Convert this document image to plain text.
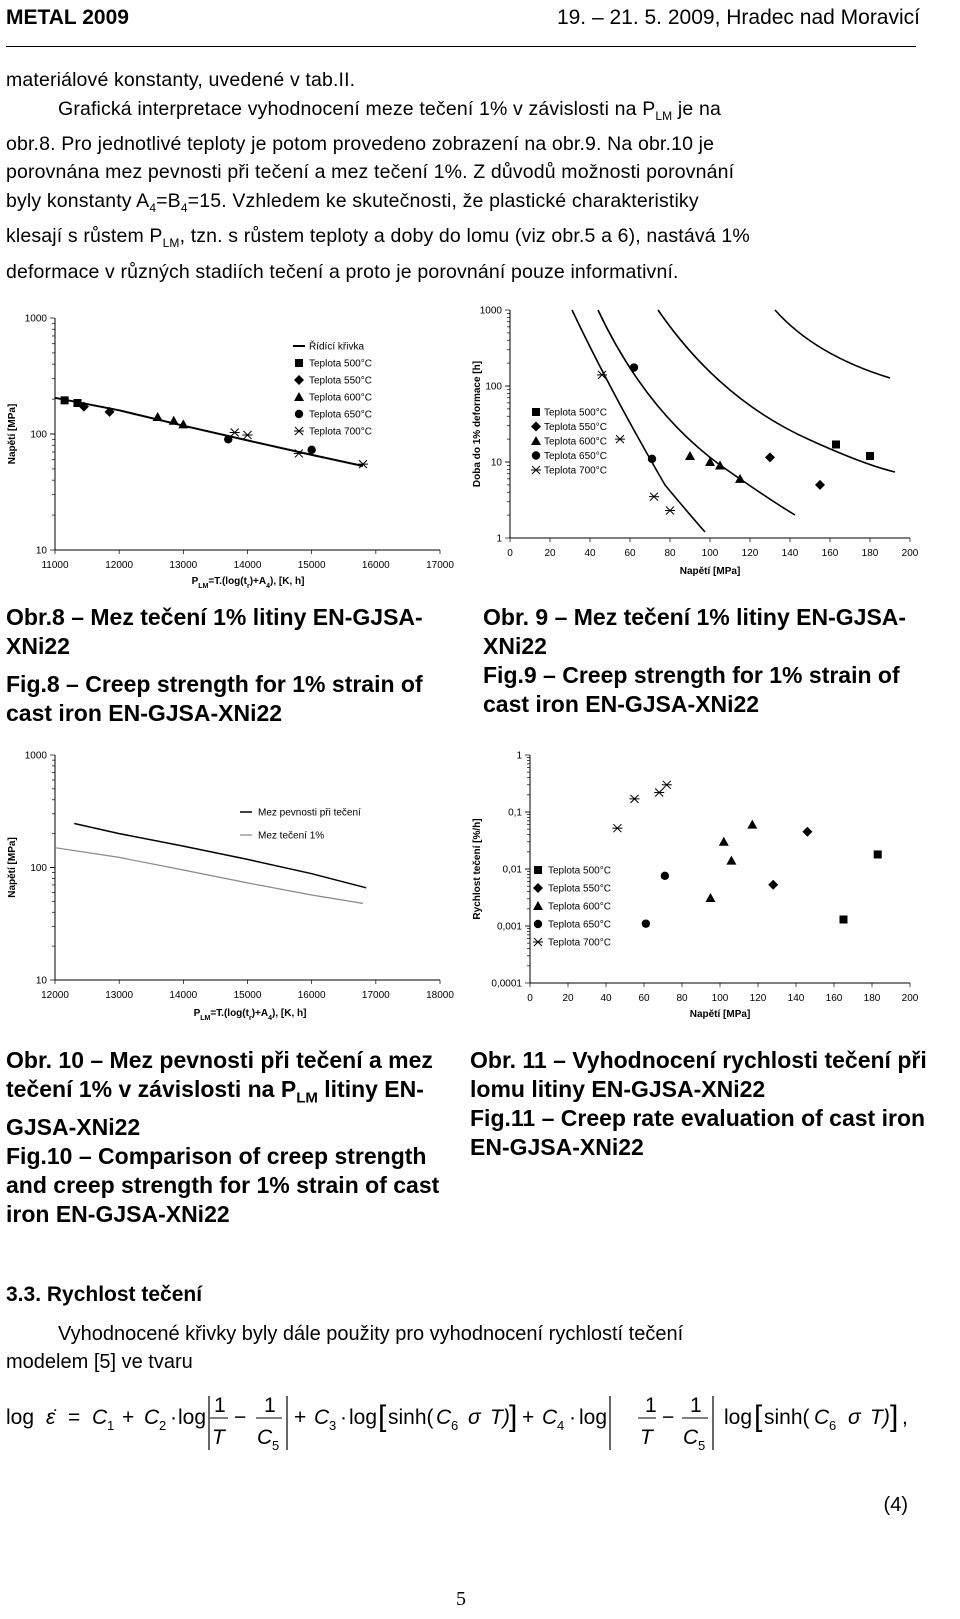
METAL 2009	19. – 21. 5. 2009, Hradec nad Moravicí

materiálové konstanty, uvedené v tab.II.

Grafická interpretace vyhodnocení meze tečení 1% v závislosti na $P_{LM}$ je na

obr.8. Pro jednotlivé teploty je potom provedeno zobrazení na obr.9. Na obr.10 je

porovnána mez pevnosti při tečení a mez tečení 1%. Z důvodů možnosti porovnání

byly konstanty $A_4=B_4=15$. Vzhledem ke skutečnosti, že plastické charakteristiky

klesají s růstem $P_{LM}$, tzn. s růstem teploty a doby do lomu (viz obr.5 a 6), nastává 1%

deformace v různých stadiích tečení a proto je porovnání pouze informativní.

10
100
1000
11000	12000	13000	14000	15000	16000	17000
Napětí [MPa]
Řídící křivka
Teplota 500°C
Teplota 550°C
Teplota 600°C
Teplota 650°C
Teplota 700°C
$P_{LM}=T.(\log(t_r)+A_4)$, [K, h]
1
10
100
1000
0	20	40	60	80	100 120 140 160 180 200
Doba do 1% deformace [h]	Teplota 500°C
Teplota 550°C
Teplota 600°C
Teplota 650°C
Teplota 700°C
Napětí [MPa]
10
100
1000
12000	13000	14000	15000	16000	17000	18000
Napětí [MPa]
Mez pevnosti při tečení
Mez tečení 1%
$P_{LM}=T.(\log(t_r)+A_4)$, [K, h]
0,0001
0,001
0,01
0,1
1
0	20	40	60	80 100 120 140 160 180 200
Rychlost tečení [%/h]	Teplota 500°C
Teplota 550°C
Teplota 600°C
Teplota 650°C
Teplota 700°C
Napětí [MPa]

Obr.8 – Mez tečení 1% litiny EN-GJSA-XNi22

Fig.8 – Creep strength for 1% strain of cast iron EN-GJSA-XNi22

Obr. 9 – Mez tečení 1% litiny EN-GJSA-XNi22

Fig.9 – Creep strength for 1% strain of cast iron EN-GJSA-XNi22

Obr. 10 – Mez pevnosti při tečení a mez tečení 1% v závislosti na $P_{LM}$ litiny EN-GJSA-XNi22

Fig.10 – Comparison of creep strength and creep strength for 1% strain of cast iron EN-GJSA-XNi22

Obr. 11 – Vyhodnocení rychlosti tečení při lomu litiny EN-GJSA-XNi22

Fig.11 – Creep rate evaluation of cast iron EN-GJSA-XNi22

3.3. Rychlost tečení

Vyhodnocené křivky byly dále použity pro vyhodnocení rychlostí tečení

modelem [5] ve tvaru

log ε̇ = C 1 + C 2 · log
1
T
−
1
C 5
+ C 3 · log [ sinh( C 6 σ T) ] + C 4 · log
1
T
−
1
C 5
log [ sinh( C 6 σ T) ] ,
(4)
5
